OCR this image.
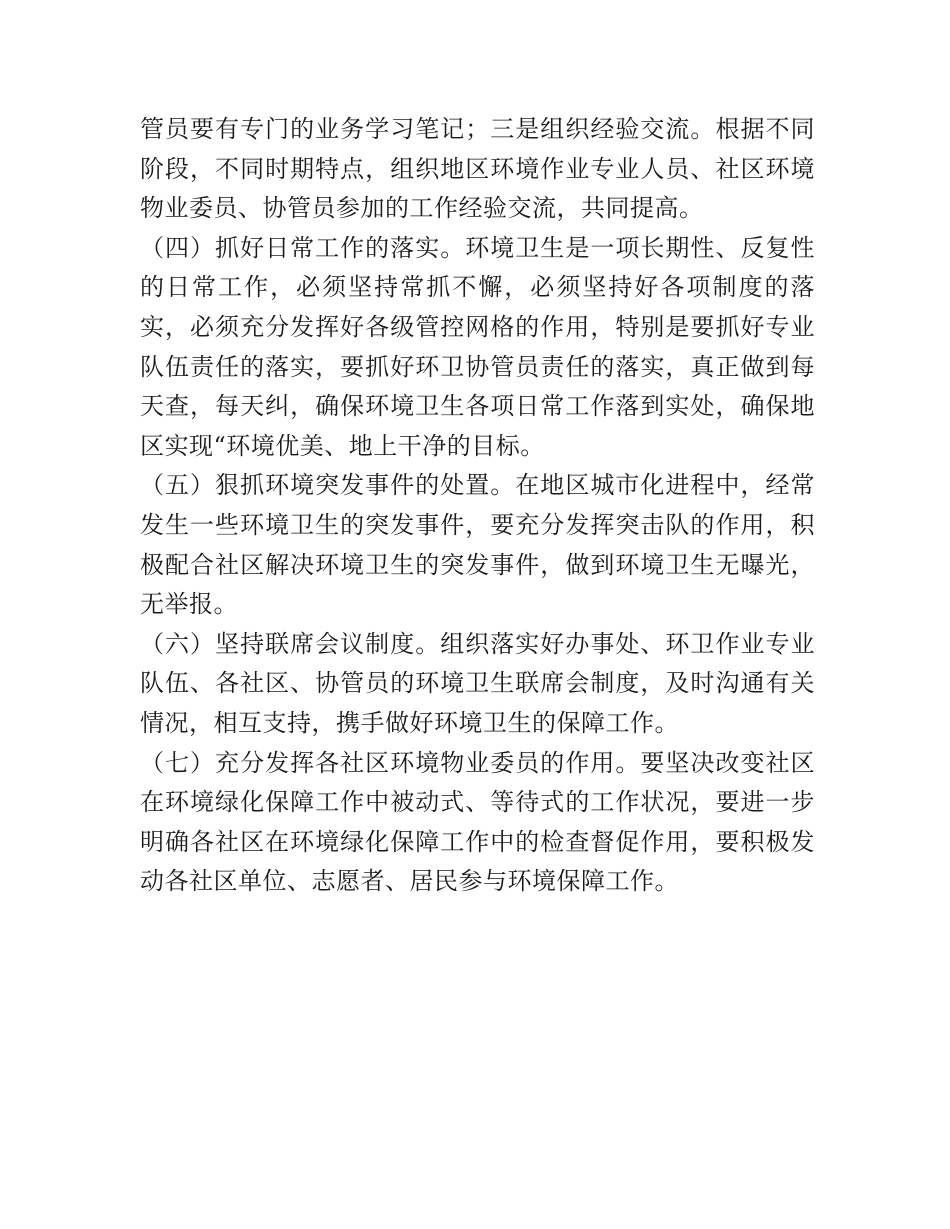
管员要有专门的业务学习笔记；三是组织经验交流。根据不同阶段，不同时期特点，组织地区环境作业专业人员、社区环境物业委员、协管员参加的工作经验交流，共同提高。

（四）抓好日常工作的落实。环境卫生是一项长期性、反复性的日常工作，必须坚持常抓不懈，必须坚持好各项制度的落实，必须充分发挥好各级管控网格的作用，特别是要抓好专业队伍责任的落实，要抓好环卫协管员责任的落实，真正做到每天查，每天纠，确保环境卫生各项日常工作落到实处，确保地区实现“环境优美、地上干净的目标。

（五）狠抓环境突发事件的处置。在地区城市化进程中，经常发生一些环境卫生的突发事件，要充分发挥突击队的作用，积极配合社区解决环境卫生的突发事件，做到环境卫生无曝光，无举报。

（六）坚持联席会议制度。组织落实好办事处、环卫作业专业队伍、各社区、协管员的环境卫生联席会制度，及时沟通有关情况，相互支持，携手做好环境卫生的保障工作。

（七）充分发挥各社区环境物业委员的作用。要坚决改变社区在环境绿化保障工作中被动式、等待式的工作状况，要进一步明确各社区在环境绿化保障工作中的检查督促作用，要积极发动各社区单位、志愿者、居民参与环境保障工作。
